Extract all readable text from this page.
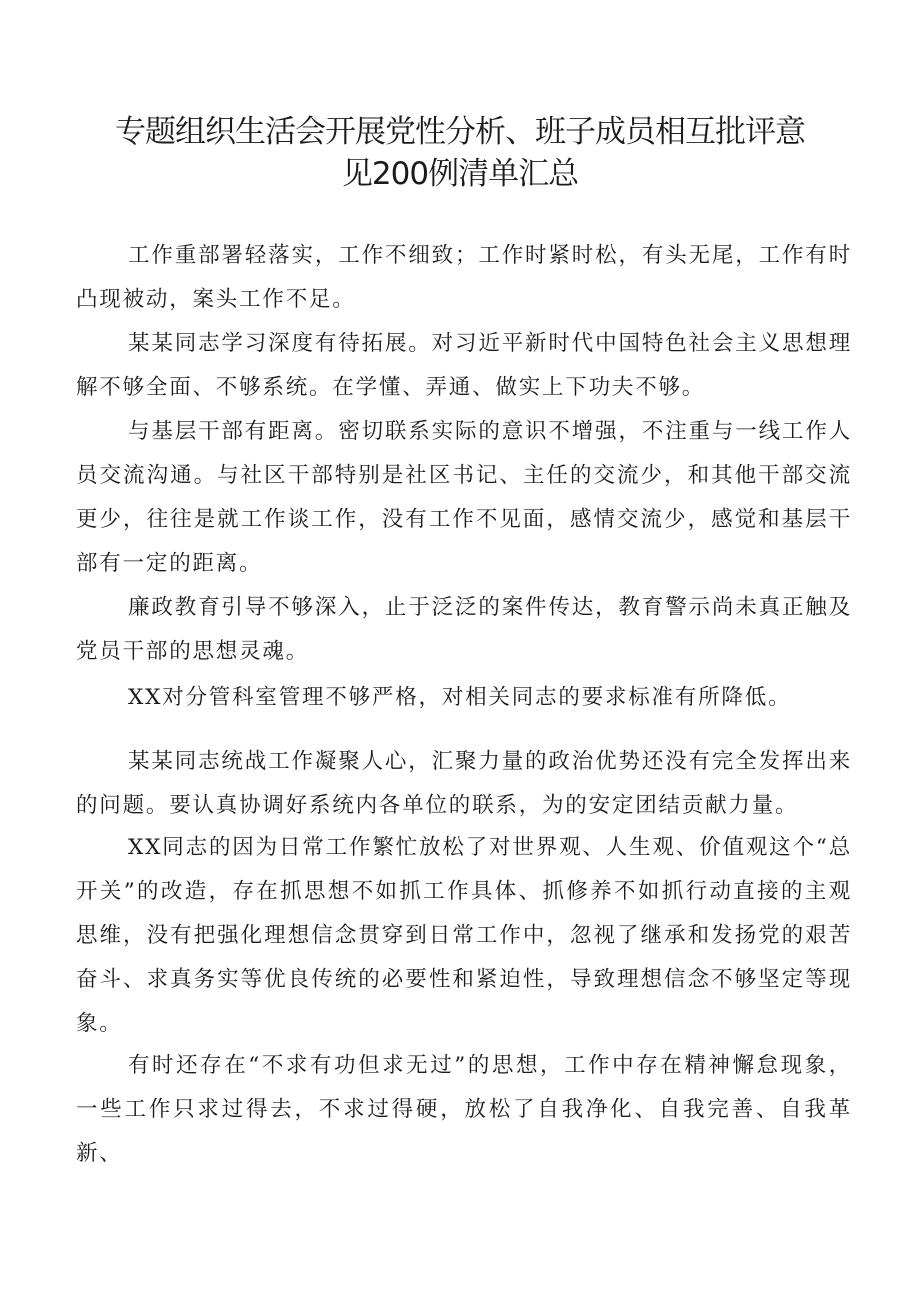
专题组织生活会开展党性分析、班子成员相互批评意
见200例清单汇总

工作重部署轻落实，工作不细致；工作时紧时松，有头无尾，工作有时凸现被动，案头工作不足。

某某同志学习深度有待拓展。对习近平新时代中国特色社会主义思想理解不够全面、不够系统。在学懂、弄通、做实上下功夫不够。

与基层干部有距离。密切联系实际的意识不增强，不注重与一线工作人员交流沟通。与社区干部特别是社区书记、主任的交流少，和其他干部交流更少，往往是就工作谈工作，没有工作不见面，感情交流少，感觉和基层干部有一定的距离。

廉政教育引导不够深入，止于泛泛的案件传达，教育警示尚未真正触及党员干部的思想灵魂。

XX对分管科室管理不够严格，对相关同志的要求标准有所降低。

某某同志统战工作凝聚人心，汇聚力量的政治优势还没有完全发挥出来的问题。要认真协调好系统内各单位的联系，为的安定团结贡献力量。

XX同志的因为日常工作繁忙放松了对世界观、人生观、价值观这个“总开关”的改造，存在抓思想不如抓工作具体、抓修养不如抓行动直接的主观思维，没有把强化理想信念贯穿到日常工作中，忽视了继承和发扬党的艰苦奋斗、求真务实等优良传统的必要性和紧迫性，导致理想信念不够坚定等现象。

有时还存在“不求有功但求无过”的思想，工作中存在精神懈怠现象，一些工作只求过得去，不求过得硬，放松了自我净化、自我完善、自我革新、
